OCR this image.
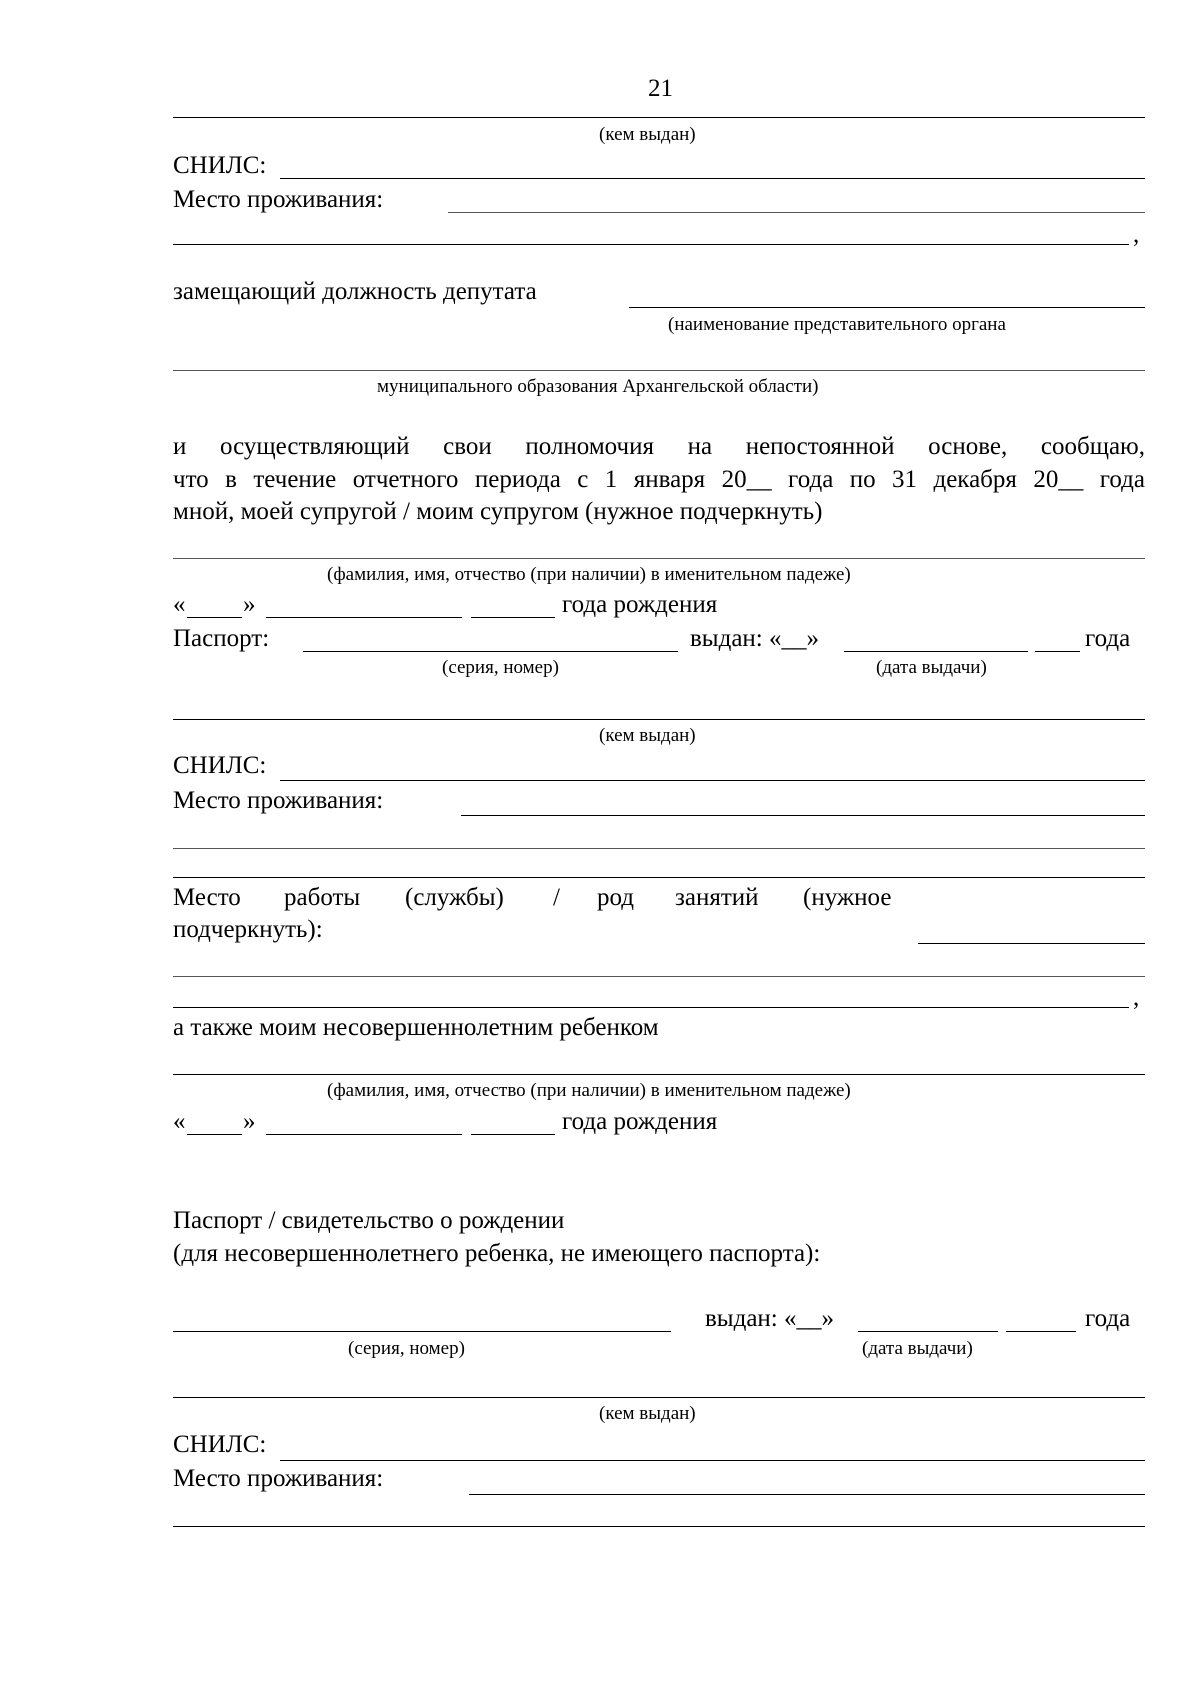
21
(кем выдан)
СНИЛС:
Место проживания:
,
замещающий должность депутата
(наименование представительного органа
муниципального образования Архангельской области)
и осуществляющий свои полномочия на непостоянной основе, сообщаю,
что в течение отчетного периода с 1 января 20__ года по 31 декабря 20__ года
мной, моей супругой / моим супругом (нужное подчеркнуть)
(фамилия, имя, отчество (при наличии) в именительном падеже)
« »	года рождения
Паспорт:	выдан: «__»	года
(серия, номер)	(дата выдачи)
(кем выдан)
СНИЛС:
Место проживания:
Место работы (службы) / род занятий (нужное
подчеркнуть):
,
а также моим несовершеннолетним ребенком
(фамилия, имя, отчество (при наличии) в именительном падеже)
« »	года рождения
Паспорт / свидетельство о рождении
(для несовершеннолетнего ребенка, не имеющего паспорта):
выдан: «__»	года
(серия, номер)	(дата выдачи)
(кем выдан)
СНИЛС:
Место проживания:
